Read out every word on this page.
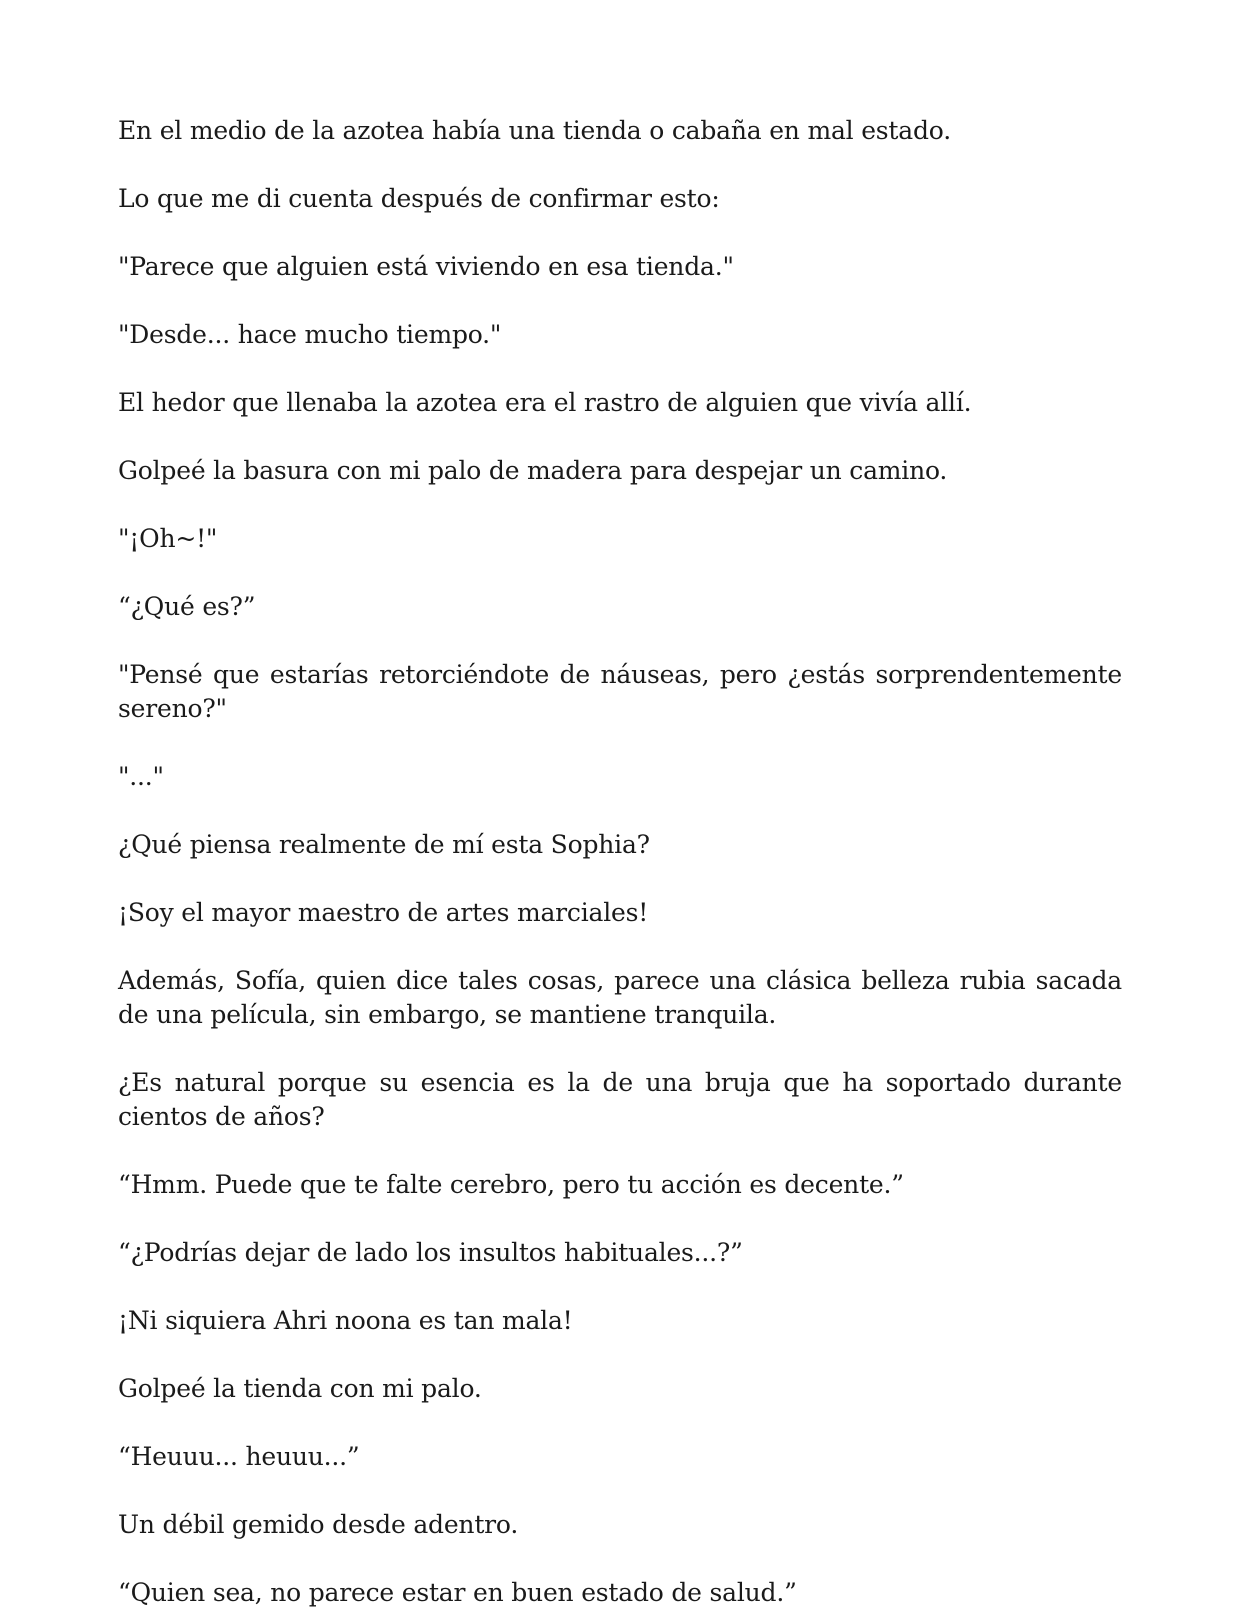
En el medio de la azotea había una tienda o cabaña en mal estado.

Lo que me di cuenta después de confirmar esto:

"Parece que alguien está viviendo en esa tienda."

"Desde... hace mucho tiempo."

El hedor que llenaba la azotea era el rastro de alguien que vivía allí.

Golpeé la basura con mi palo de madera para despejar un camino.

"¡Oh~!"

“¿Qué es?”

"Pensé que estarías retorciéndote de náuseas, pero ¿estás sorprendentemente sereno?"

"..."

¿Qué piensa realmente de mí esta Sophia?

¡Soy el mayor maestro de artes marciales!

Además, Sofía, quien dice tales cosas, parece una clásica belleza rubia sacada de una película, sin embargo, se mantiene tranquila.

¿Es natural porque su esencia es la de una bruja que ha soportado durante cientos de años?

“Hmm. Puede que te falte cerebro, pero tu acción es decente.”

“¿Podrías dejar de lado los insultos habituales...?”

¡Ni siquiera Ahri noona es tan mala!

Golpeé la tienda con mi palo.

“Heuuu... heuuu...”

Un débil gemido desde adentro.

“Quien sea, no parece estar en buen estado de salud.”
